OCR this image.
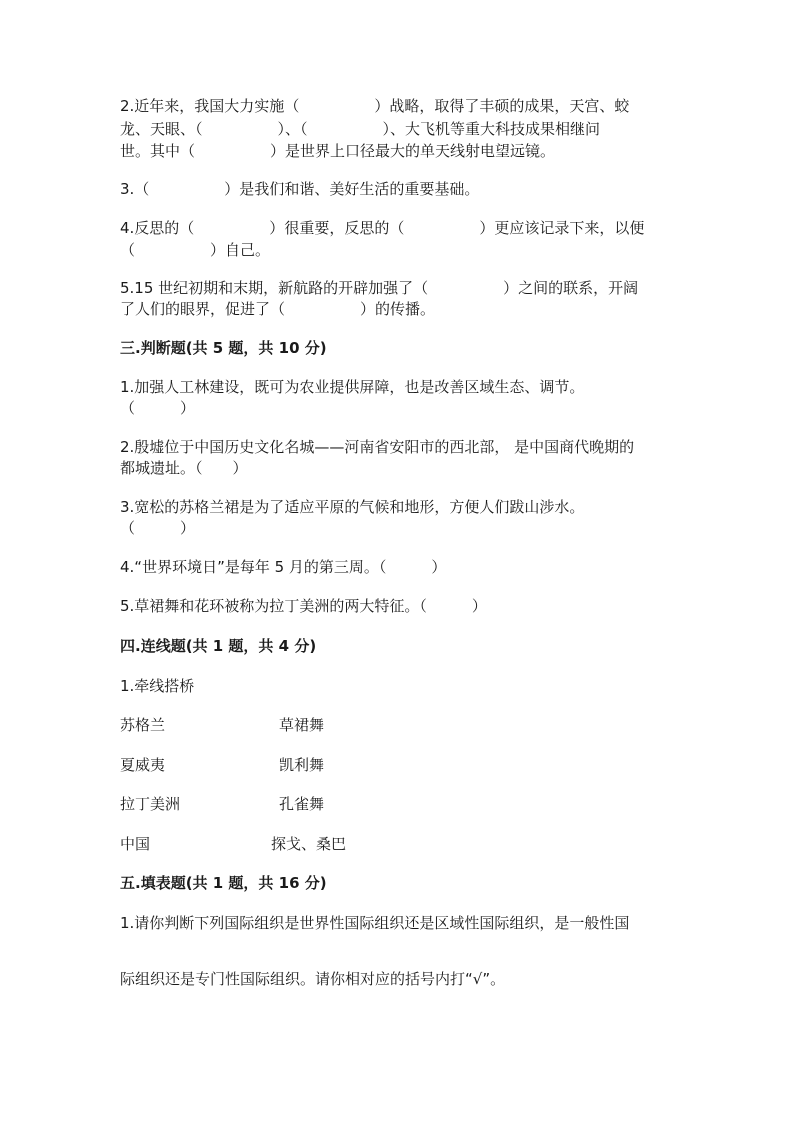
2.近年来，我国大力实施（　　　　　）战略，取得了丰硕的成果，天宫、蛟
龙、天眼、（　　　　　）、（　　　　　）、大飞机等重大科技成果相继问
世。其中（　　　　　）是世界上口径最大的单天线射电望远镜。
3.（　　　　　）是我们和谐、美好生活的重要基础。
4.反思的（　　　　　）很重要，反思的（　　　　　）更应该记录下来，以便
（　　　　　）自己。
5.15 世纪初期和末期，新航路的开辟加强了（　　　　　）之间的联系，开阔
了人们的眼界，促进了（　　　　　）的传播。
三.判断题(共 5 题，共 10 分)
1.加强人工林建设，既可为农业提供屏障，也是改善区域生态、调节。
（　　　）
2.殷墟位于中国历史文化名城——河南省安阳市的西北部， 是中国商代晚期的
都城遗址。（　　）
3.宽松的苏格兰裙是为了适应平原的气候和地形，方便人们跋山涉水。
（　　　）
4.“世界环境日”是每年 5 月的第三周。（　　　）
5.草裙舞和花环被称为拉丁美洲的两大特征。（　　　）
四.连线题(共 1 题，共 4 分)
1.牵线搭桥
苏格兰	草裙舞
夏威夷	凯利舞
拉丁美洲	孔雀舞
中国	探戈、桑巴
五.填表题(共 1 题，共 16 分)
1.请你判断下列国际组织是世界性国际组织还是区域性国际组织，是一般性国
际组织还是专门性国际组织。请你相对应的括号内打“√”。
